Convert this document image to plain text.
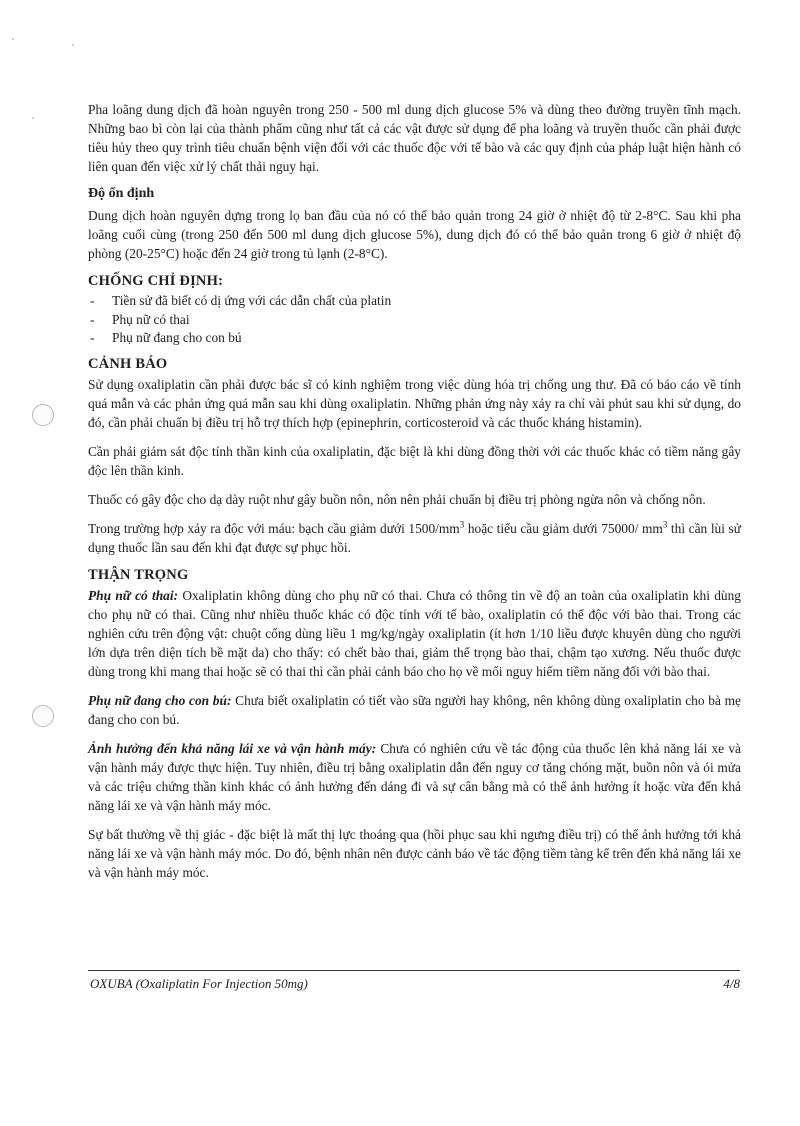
Pha loãng dung dịch đã hoàn nguyên trong 250 - 500 ml dung dịch glucose 5% và dùng theo đường truyền tĩnh mạch. Những bao bì còn lại của thành phẩm cũng như tất cả các vật được sử dụng để pha loãng và truyền thuốc cần phải được tiêu hủy theo quy trình tiêu chuẩn bệnh viện đối với các thuốc độc với tế bào và các quy định của pháp luật hiện hành có liên quan đến việc xử lý chất thải nguy hại.

Độ ổn định

Dung dịch hoàn nguyên dựng trong lọ ban đầu của nó có thể bảo quản trong 24 giờ ở nhiệt độ từ 2-8°C. Sau khi pha loãng cuối cùng (trong 250 đến 500 ml dung dịch glucose 5%), dung dịch đó có thể bảo quản trong 6 giờ ở nhiệt độ phòng (20-25°C) hoặc đến 24 giờ trong tủ lạnh (2-8°C).

CHỐNG CHỈ ĐỊNH:
- Tiền sử đã biết có dị ứng với các dẫn chất của platin
- Phụ nữ có thai
- Phụ nữ đang cho con bú
CẢNH BÁO

Sử dụng oxaliplatin cần phải được bác sĩ có kinh nghiệm trong việc dùng hóa trị chống ung thư. Đã có báo cáo về tính quá mẫn và các phản ứng quá mẫn sau khi dùng oxaliplatin. Những phản ứng này xảy ra chỉ vài phút sau khi sử dụng, do đó, cần phải chuẩn bị điều trị hỗ trợ thích hợp (epinephrin, corticosteroid và các thuốc kháng histamin).

Cần phải giám sát độc tính thần kinh của oxaliplatin, đặc biệt là khi dùng đồng thời với các thuốc khác có tiềm năng gây độc lên thần kinh.

Thuốc có gây độc cho dạ dày ruột như gây buồn nôn, nôn nên phải chuẩn bị điều trị phòng ngừa nôn và chống nôn.

Trong trường hợp xảy ra độc với máu: bạch cầu giảm dưới $1500/mm^3$ hoặc tiểu cầu giảm dưới 75000/ $mm^3$ thì cần lùi sử dụng thuốc lần sau đến khi đạt được sự phục hồi.

THẬN TRỌNG

Phụ nữ có thai: Oxaliplatin không dùng cho phụ nữ có thai. Chưa có thông tin về độ an toàn của oxaliplatin khi dùng cho phụ nữ có thai. Cũng như nhiều thuốc khác có độc tính với tế bào, oxaliplatin có thể độc với bào thai. Trong các nghiên cứu trên động vật: chuột cống dùng liều 1 mg/kg/ngày oxaliplatin (ít hơn 1/10 liều được khuyên dùng cho người lớn dựa trên diện tích bề mặt da) cho thấy: có chết bào thai, giảm thể trọng bào thai, chậm tạo xương. Nếu thuốc được dùng trong khi mang thai hoặc sẽ có thai thì cần phải cảnh báo cho họ về mối nguy hiểm tiềm năng đối với bào thai.

Phụ nữ đang cho con bú: Chưa biết oxaliplatin có tiết vào sữa người hay không, nên không dùng oxaliplatin cho bà mẹ đang cho con bú.

Ảnh hưởng đến khả năng lái xe và vận hành máy: Chưa có nghiên cứu về tác động của thuốc lên khả năng lái xe và vận hành máy được thực hiện. Tuy nhiên, điều trị bằng oxaliplatin dẫn đến nguy cơ tăng chóng mặt, buồn nôn và ói mửa và các triệu chứng thần kinh khác có ảnh hưởng đến dáng đi và sự cân bằng mà có thể ảnh hưởng ít hoặc vừa đến khả năng lái xe và vận hành máy móc.

Sự bất thường về thị giác - đặc biệt là mất thị lực thoáng qua (hồi phục sau khi ngưng điều trị) có thể ảnh hưởng tới khả năng lái xe và vận hành máy móc. Do đó, bệnh nhân nên được cảnh báo về tác động tiềm tàng kể trên đến khả năng lái xe và vận hành máy móc.

OXUBA (Oxaliplatin For Injection 50mg)	4/8
